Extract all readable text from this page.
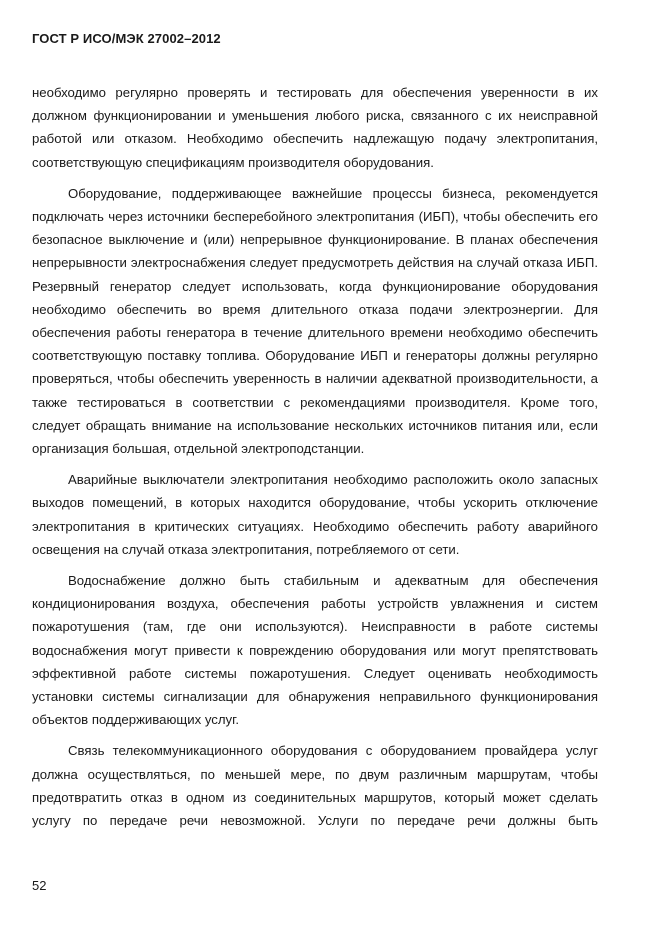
ГОСТ Р ИСО/МЭК 27002–2012

необходимо регулярно проверять и тестировать для обеспечения уверенности в их должном функционировании и уменьшения любого риска, связанного с их неисправной работой или отказом. Необходимо обеспечить надлежащую подачу электропитания, соответствующую спецификациям производителя оборудования.

Оборудование, поддерживающее важнейшие процессы бизнеса, рекомендуется подключать через источники бесперебойного электропитания (ИБП), чтобы обеспечить его безопасное выключение и (или) непрерывное функционирование. В планах обеспечения непрерывности электроснабжения следует предусмотреть действия на случай отказа ИБП. Резервный генератор следует использовать, когда функционирование оборудования необходимо обеспечить во время длительного отказа подачи электроэнергии. Для обеспечения работы генератора в течение длительного времени необходимо обеспечить соответствующую поставку топлива. Оборудование ИБП и генераторы должны регулярно проверяться, чтобы обеспечить уверенность в наличии адекватной производительности, а также тестироваться в соответствии с рекомендациями производителя. Кроме того, следует обращать внимание на использование нескольких источников питания или, если организация большая, отдельной электроподстанции.

Аварийные выключатели электропитания необходимо расположить около запасных выходов помещений, в которых находится оборудование, чтобы ускорить отключение электропитания в критических ситуациях. Необходимо обеспечить работу аварийного освещения на случай отказа электропитания, потребляемого от сети.

Водоснабжение должно быть стабильным и адекватным для обеспечения кондиционирования воздуха, обеспечения работы устройств увлажнения и систем пожаротушения (там, где они используются). Неисправности в работе системы водоснабжения могут привести к повреждению оборудования или могут препятствовать эффективной работе системы пожаротушения. Следует оценивать необходимость установки системы сигнализации для обнаружения неправильного функционирования объектов поддерживающих услуг.

Связь телекоммуникационного оборудования с оборудованием провайдера услуг должна осуществляться, по меньшей мере, по двум различным маршрутам, чтобы предотвратить отказ в одном из соединительных маршрутов, который может сделать услугу по передаче речи невозможной. Услуги по передаче речи должны быть

52
